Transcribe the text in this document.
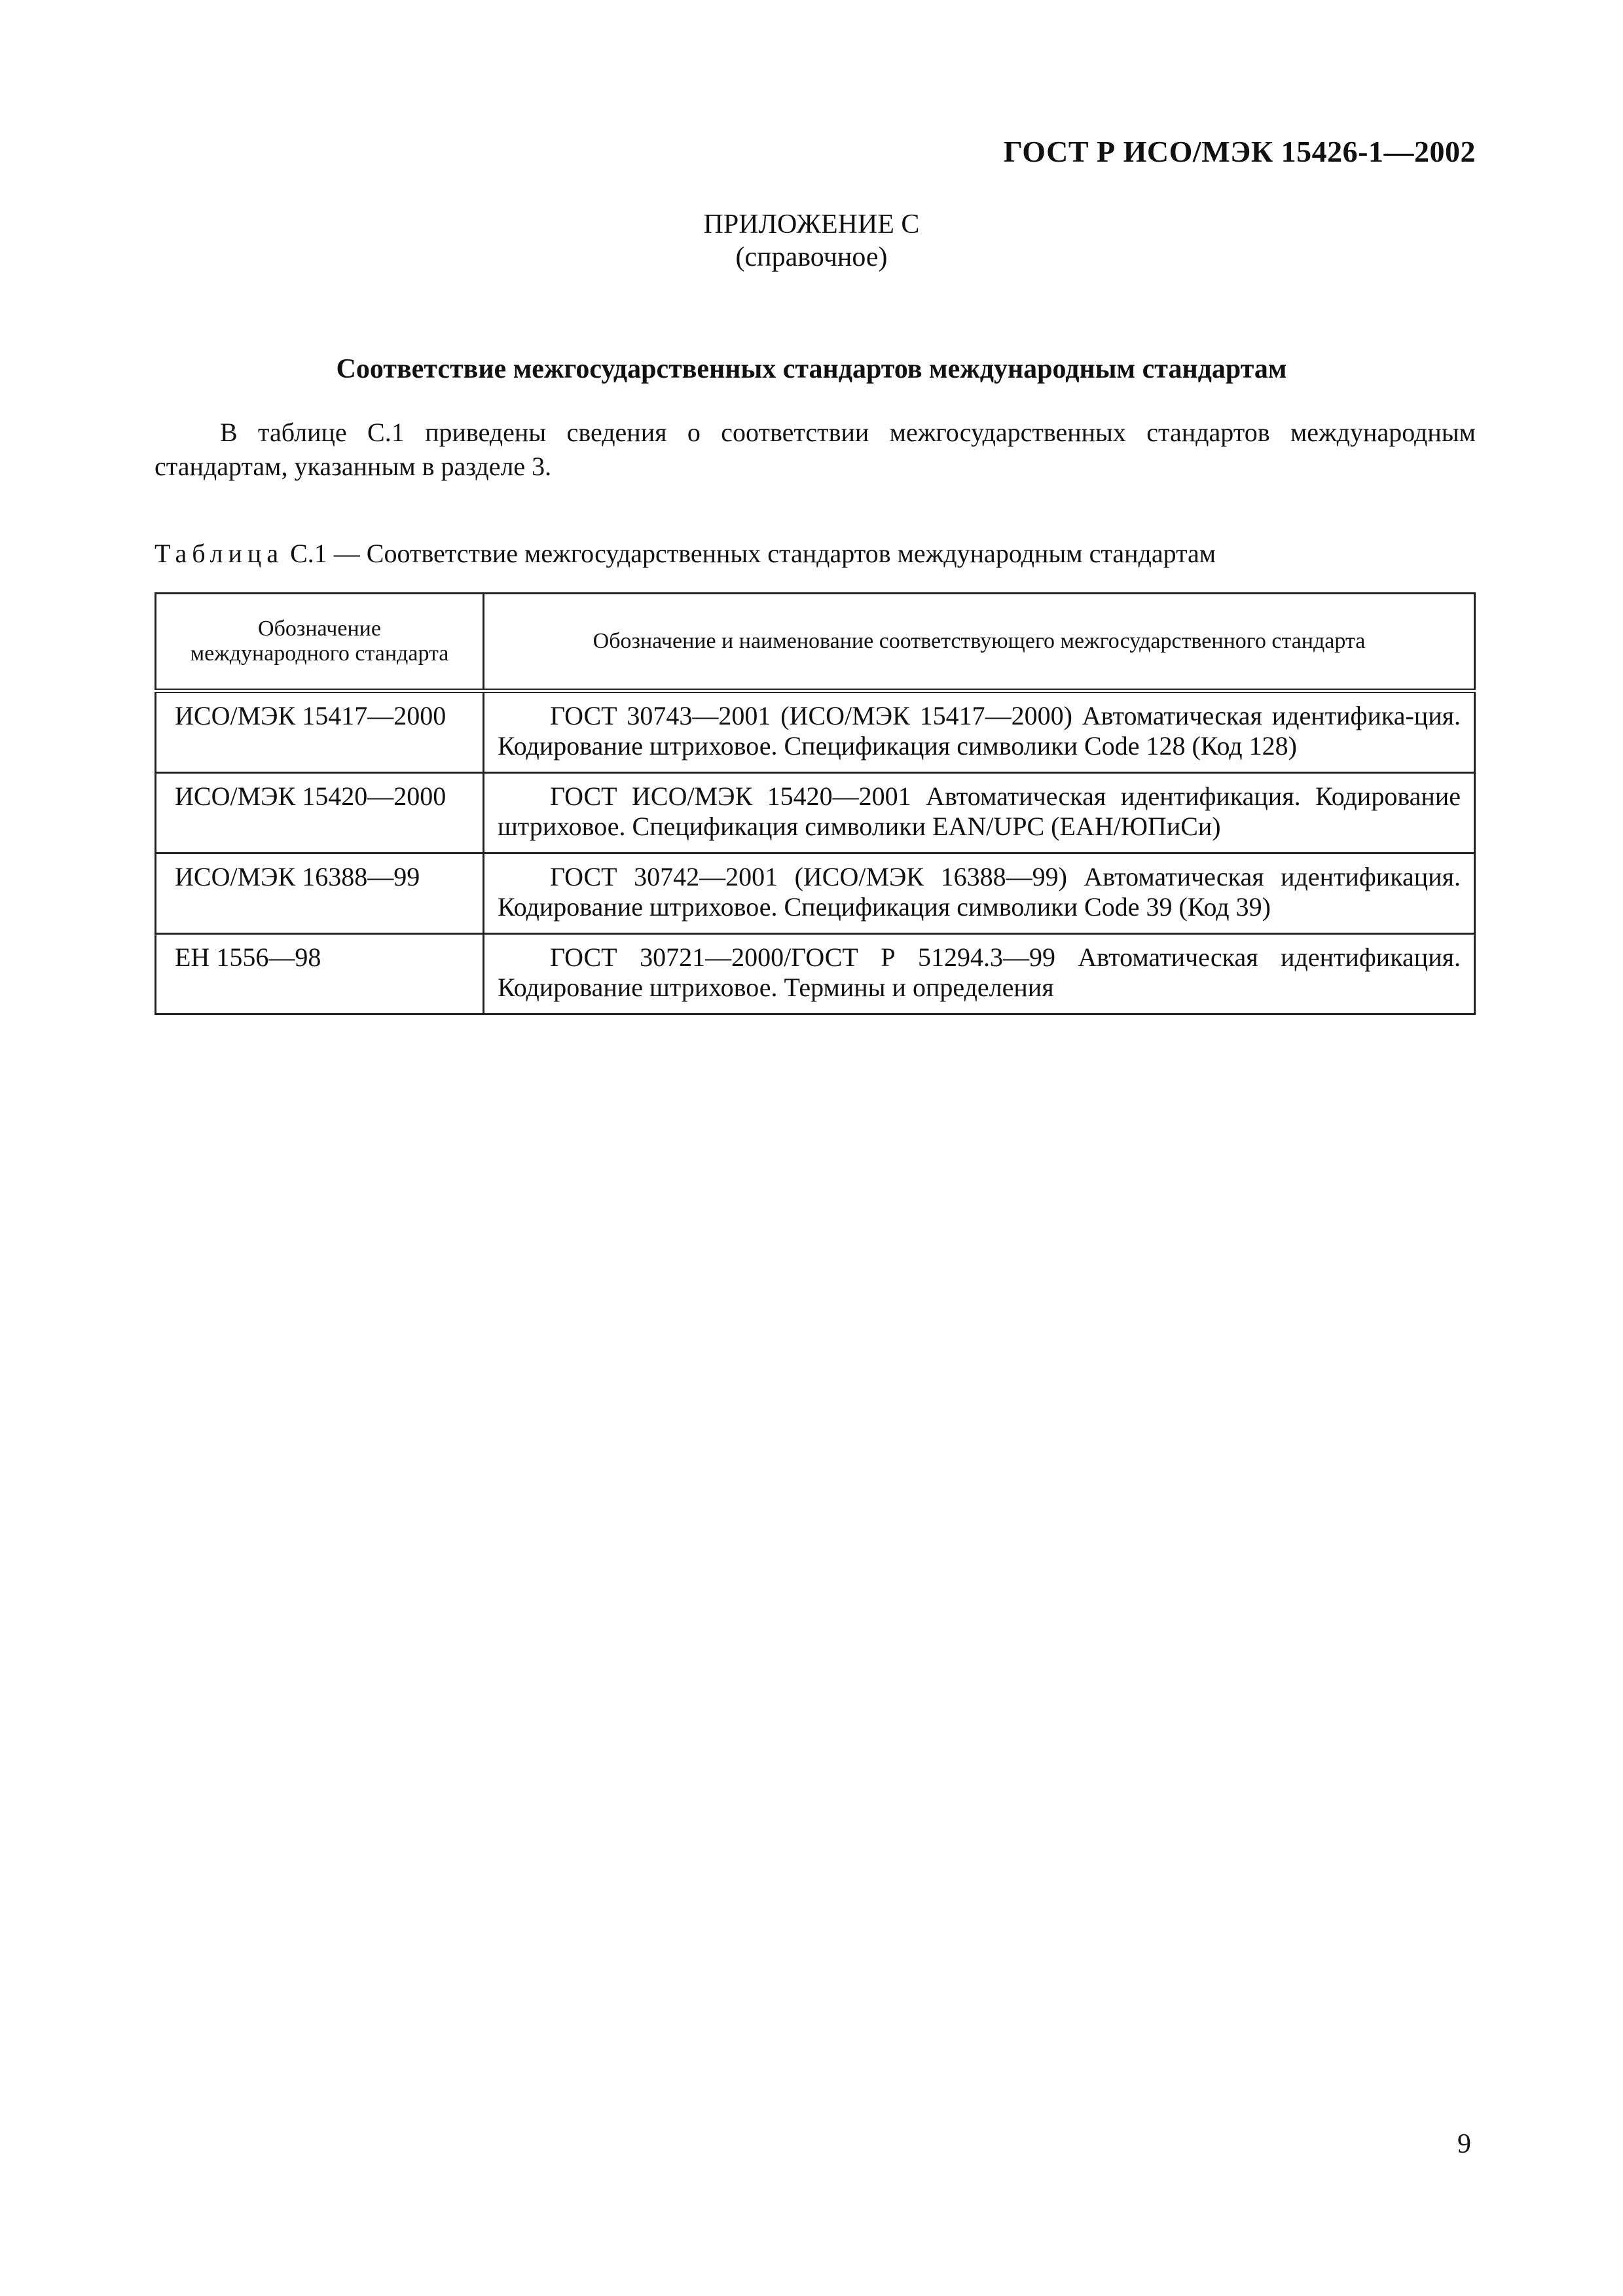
ГОСТ Р ИСО/МЭК 15426-1—2002
ПРИЛОЖЕНИЕ С
(справочное)
Соответствие межгосударственных стандартов международным стандартам
В таблице С.1 приведены сведения о соответствии межгосударственных стандартов международным стандартам, указанным в разделе 3.
Таблица С.1 — Соответствие межгосударственных стандартов международным стандартам
Обозначение
международного стандарта	Обозначение и наименование соответствующего межгосударственного стандарта
ИСО/МЭК 15417—2000	ГОСТ 30743—2001 (ИСО/МЭК 15417—2000) Автоматическая идентифика-ция. Кодирование штриховое. Спецификация символики Code 128 (Код 128)
ИСО/МЭК 15420—2000	ГОСТ ИСО/МЭК 15420—2001 Автоматическая идентификация. Кодирование штриховое. Спецификация символики EAN/UPC (ЕАН/ЮПиСи)
ИСО/МЭК 16388—99	ГОСТ 30742—2001 (ИСО/МЭК 16388—99) Автоматическая идентификация. Кодирование штриховое. Спецификация символики Code 39 (Код 39)
ЕН 1556—98	ГОСТ 30721—2000/ГОСТ Р 51294.3—99 Автоматическая идентификация. Кодирование штриховое. Термины и определения
9
